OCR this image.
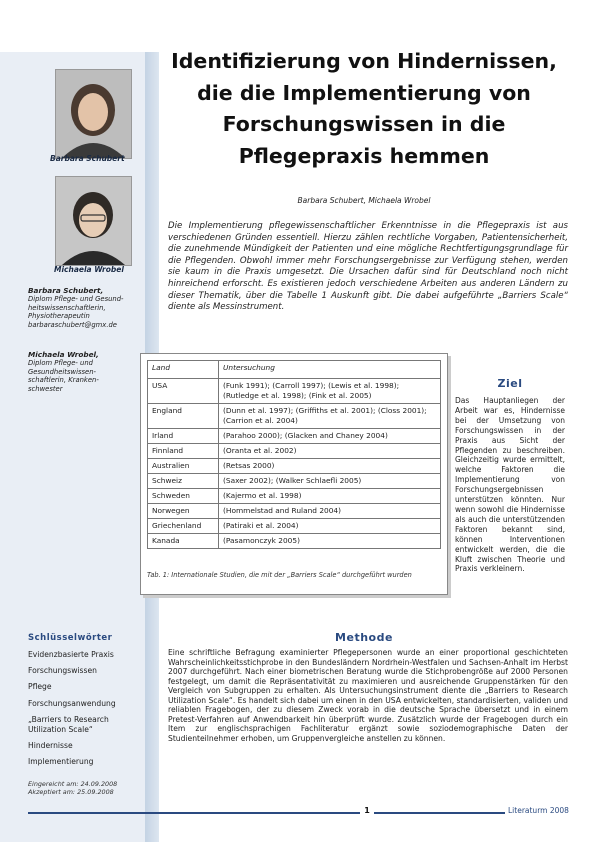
Barbara Schubert
Michaela Wrobel
Barbara Schubert,
Diplom Pflege- und Gesund-
heitswissenschaftlerin,
Physiotherapeutin
barbaraschubert@gmx.de
Michaela Wrobel,
Diplom Pflege- und
Gesundheitswissen-
schaftlerin, Kranken-
schwester
Identifizierung von Hindernissen,
die die Implementierung von
Forschungswissen in die
Pflegepraxis hemmen
Barbara Schubert, Michaela Wrobel
Die Implementierung pflegewissenschaftlicher Erkenntnisse in die Pflegepraxis ist aus verschiedenen Gründen essentiell. Hierzu zählen rechtliche Vorgaben, Patientensicherheit, die zunehmende Mündigkeit der Patienten und eine mögliche Rechtfertigungsgrundlage für die Pflegenden. Obwohl immer mehr Forschungsergebnisse zur Verfügung stehen, werden sie kaum in die Praxis umgesetzt. Die Ursachen dafür sind für Deutschland noch nicht hinreichend erforscht. Es existieren jedoch verschiedene Arbeiten aus anderen Ländern zu dieser Thematik, über die Tabelle 1 Auskunft gibt. Die dabei aufgeführte „Barriers Scale“ diente als Messinstrument.
Land	Untersuchung
USA	(Funk 1991); (Carroll 1997); (Lewis et al. 1998); (Rutledge et al. 1998); (Fink et al. 2005)
England	(Dunn et al. 1997); (Griffiths et al. 2001); (Closs 2001); (Carrion et al. 2004)
Irland	(Parahoo 2000); (Glacken and Chaney 2004)
Finnland	(Oranta et al. 2002)
Australien	(Retsas 2000)
Schweiz	(Saxer 2002); (Walker Schlaefli 2005)
Schweden	(Kajermo et al. 1998)
Norwegen	(Hommelstad and Ruland 2004)
Griechenland	(Patiraki et al. 2004)
Kanada	(Pasamonczyk 2005)
Tab. 1: Internationale Studien, die mit der „Barriers Scale“ durchgeführt wurden
Ziel
Das Hauptanliegen der Arbeit war es, Hindernisse bei der Umsetzung von Forschungswissen in der Praxis aus Sicht der Pflegenden zu beschreiben. Gleichzeitig wurde ermittelt, welche Faktoren die Implementierung von Forschungsergebnissen unterstützen könnten. Nur wenn sowohl die Hindernisse als auch die unterstützenden Faktoren bekannt sind, können Interventionen entwickelt werden, die die Kluft zwischen Theorie und Praxis verkleinern.
Schlüsselwörter
Evidenzbasierte Praxis
Forschungswissen
Pflege
Forschungsanwendung
„Barriers to Research Utilization Scale“
Hindernisse
Implementierung
Eingereicht am: 24.09.2008
Akzeptiert am: 25.09.2008
Methode
Eine schriftliche Befragung examinierter Pflegepersonen wurde an einer proportional geschichteten Wahrscheinlichkeitsstichprobe in den Bundesländern Nordrhein-Westfalen und Sachsen-Anhalt im Herbst 2007 durchgeführt. Nach einer biometrischen Beratung wurde die Stichprobengröße auf 2000 Personen festgelegt, um damit die Repräsentativität zu maximieren und ausreichende Gruppenstärken für den Vergleich von Subgruppen zu erhalten. Als Untersuchungsinstrument diente die „Barriers to Research Utilization Scale“. Es handelt sich dabei um einen in den USA entwickelten, standardisierten, validen und reliablen Fragebogen, der zu diesem Zweck vorab in die deutsche Sprache übersetzt und in einem Pretest-Verfahren auf Anwendbarkeit hin überprüft wurde. Zusätzlich wurde der Fragebogen durch ein Item zur englischsprachigen Fachliteratur ergänzt sowie soziodemographische Daten der Studienteilnehmer erhoben, um Gruppenvergleiche anstellen zu können.
1	Literaturm 2008
